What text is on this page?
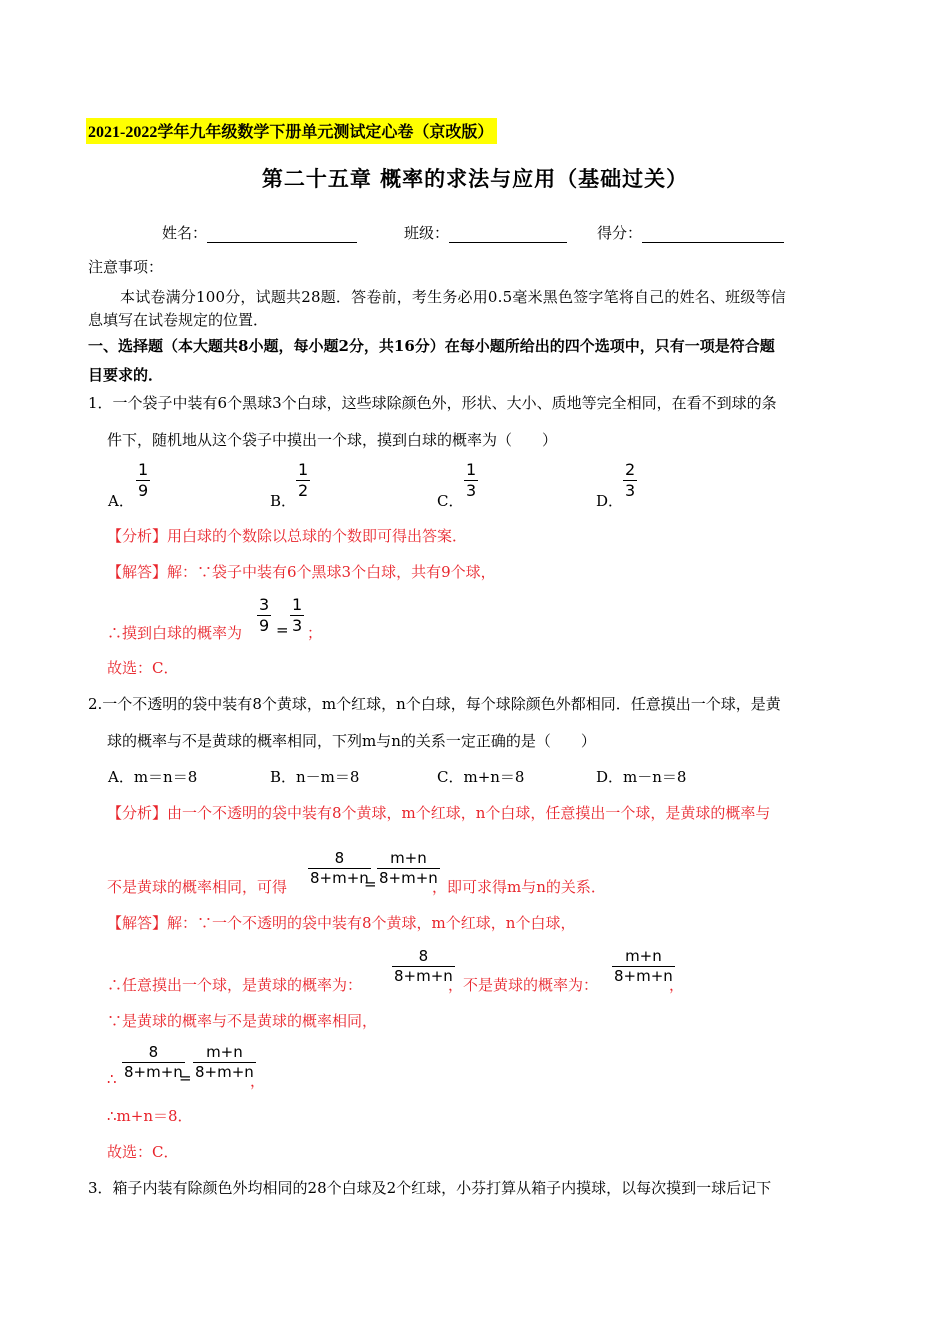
2021-2022学年九年级数学下册单元测试定心卷（京改版）
第二十五章 概率的求法与应用（基础过关）
姓名：	班级：	得分：
注意事项：
本试卷满分100分，试题共28题．答卷前，考生务必用0.5毫米黑色签字笔将自己的姓名、班级等信
息填写在试卷规定的位置．
一、选择题（本大题共8小题，每小题2分，共16分）在每小题所给出的四个选项中，只有一项是符合题
目要求的．
1．一个袋子中装有6个黑球3个白球，这些球除颜色外，形状、大小、质地等完全相同，在看不到球的条
件下，随机地从这个袋子中摸出一个球，摸到白球的概率为（　　）
A．
1
9
B．
1
2
C．
1
3
D．
2
3
【分析】用白球的个数除以总球的个数即可得出答案．
【解答】解：∵袋子中装有6个黑球3个白球，共有9个球，
∴摸到白球的概率为
3
9 =
1
3 ；
故选：C．
2.一个不透明的袋中装有8个黄球，m个红球，n个白球，每个球除颜色外都相同．任意摸出一个球，是黄
球的概率与不是黄球的概率相同，下列m与n的关系一定正确的是（　　）
A．m＝n＝8	B．n－m＝8	C．m+n＝8	D．m－n＝8
【分析】由一个不透明的袋中装有8个黄球，m个红球，n个白球，任意摸出一个球，是黄球的概率与
不是黄球的概率相同，可得
8
8+m+n
=
m+n
8+m+n
，即可求得m与n的关系．
【解答】解：∵一个不透明的袋中装有8个黄球，m个红球，n个白球，
∴任意摸出一个球，是黄球的概率为：
8
8+m+n
，不是黄球的概率为：
m+n
8+m+n
，
∵是黄球的概率与不是黄球的概率相同，
∴
8
8+m+n
=
m+n
8+m+n
，
∴m+n＝8．
故选：C．
3．箱子内装有除颜色外均相同的28个白球及2个红球，小芬打算从箱子内摸球，以每次摸到一球后记下
